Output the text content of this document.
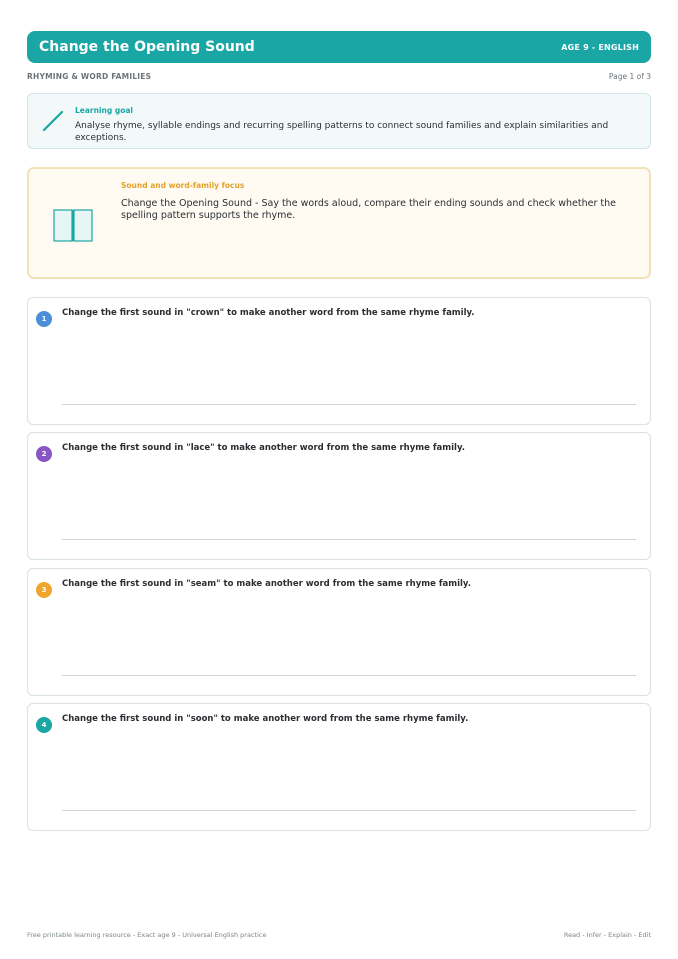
Change the Opening Sound	AGE 9 - ENGLISH
RHYMING & WORD FAMILIES	Page 1 of 3
Learning goal
Analyse rhyme, syllable endings and recurring spelling patterns to connect sound families and explain similarities and exceptions.
Sound and word-family focus
Change the Opening Sound - Say the words aloud, compare their ending sounds and check whether the spelling pattern supports the rhyme.
1
Change the first sound in "crown" to make another word from the same rhyme family.
2
Change the first sound in "lace" to make another word from the same rhyme family.
3
Change the first sound in "seam" to make another word from the same rhyme family.
4
Change the first sound in "soon" to make another word from the same rhyme family.
Free printable learning resource - Exact age 9 - Universal English practice	Read - Infer - Explain - Edit
